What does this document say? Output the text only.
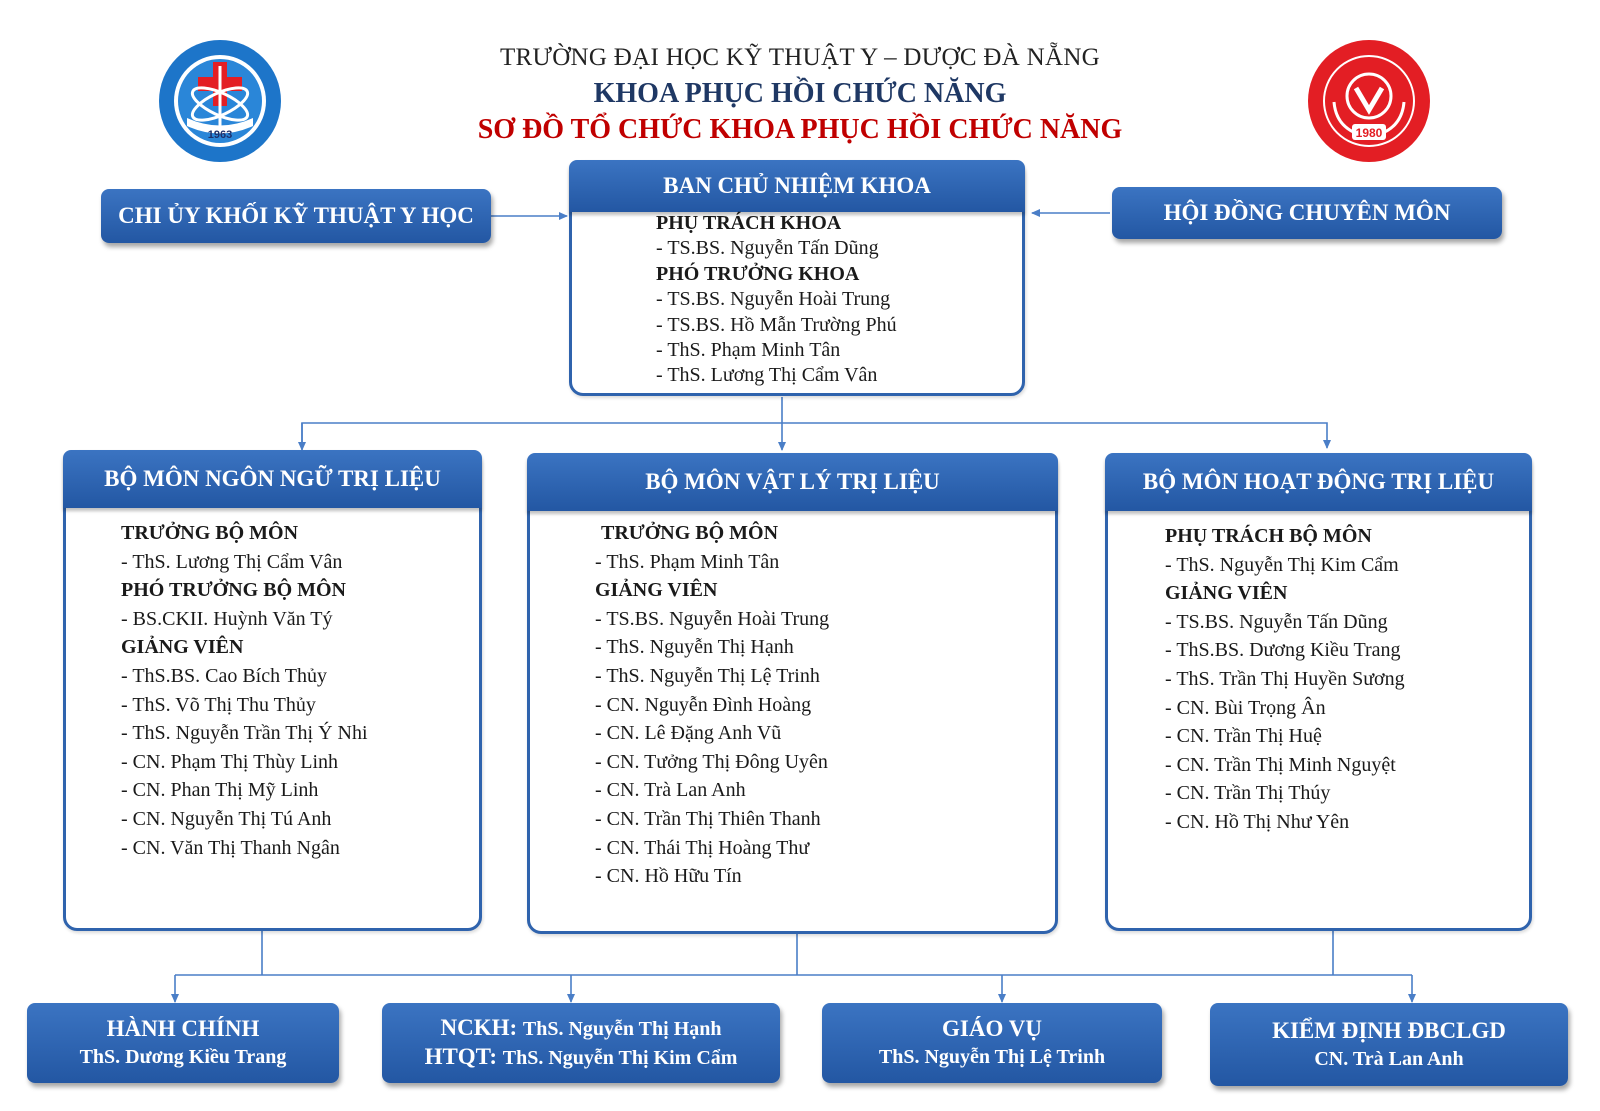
1963	1980
TRƯỜNG ĐẠI HỌC KỸ THUẬT Y – DƯỢC ĐÀ NẴNG
KHOA PHỤC HỒI CHỨC NĂNG
SƠ ĐỒ TỔ CHỨC KHOA PHỤC HỒI CHỨC NĂNG
CHI ỦY KHỐI KỸ THUẬT Y HỌC	HỘI ĐỒNG CHUYÊN MÔN
BAN CHỦ NHIỆM KHOA
PHỤ TRÁCH KHOA
- TS.BS. Nguyễn Tấn Dũng
PHÓ TRƯỞNG KHOA
- TS.BS. Nguyễn Hoài Trung
- TS.BS. Hồ Mẫn Trường Phú
- ThS. Phạm Minh Tân
- ThS. Lương Thị Cẩm Vân
BỘ MÔN NGÔN NGỮ TRỊ LIỆU
TRƯỞNG BỘ MÔN
- ThS. Lương Thị Cẩm Vân
PHÓ TRƯỞNG BỘ MÔN
- BS.CKII. Huỳnh Văn Tý
GIẢNG VIÊN
- ThS.BS. Cao Bích Thủy
- ThS. Võ Thị Thu Thủy
- ThS. Nguyễn Trần Thị Ý Nhi
- CN. Phạm Thị Thùy Linh
- CN. Phan Thị Mỹ Linh
- CN. Nguyễn Thị Tú Anh
- CN. Văn Thị Thanh Ngân
BỘ MÔN VẬT LÝ TRỊ LIỆU
TRƯỞNG BỘ MÔN
- ThS. Phạm Minh Tân
GIẢNG VIÊN
- TS.BS. Nguyễn Hoài Trung
- ThS. Nguyễn Thị Hạnh
- ThS. Nguyễn Thị Lệ Trinh
- CN. Nguyễn Đình Hoàng
- CN. Lê Đặng Anh Vũ
- CN. Tưởng Thị Đông Uyên
- CN. Trà Lan Anh
- CN. Trần Thị Thiên Thanh
- CN. Thái Thị Hoàng Thư
- CN. Hồ Hữu Tín
BỘ MÔN HOẠT ĐỘNG TRỊ LIỆU
PHỤ TRÁCH BỘ MÔN
- ThS. Nguyễn Thị Kim Cẩm
GIẢNG VIÊN
- TS.BS. Nguyễn Tấn Dũng
- ThS.BS. Dương Kiều Trang
- ThS. Trần Thị Huyền Sương
- CN. Bùi Trọng Ân
- CN. Trần Thị Huệ
- CN. Trần Thị Minh Nguyệt
- CN. Trần Thị Thúy
- CN. Hồ Thị Như Yên
HÀNH CHÍNH
ThS. Dương Kiều Trang
NCKH: ThS. Nguyễn Thị Hạnh
HTQT: ThS. Nguyễn Thị Kim Cẩm
GIÁO VỤ
ThS. Nguyễn Thị Lệ Trinh
KIỂM ĐỊNH ĐBCLGD
CN. Trà Lan Anh
